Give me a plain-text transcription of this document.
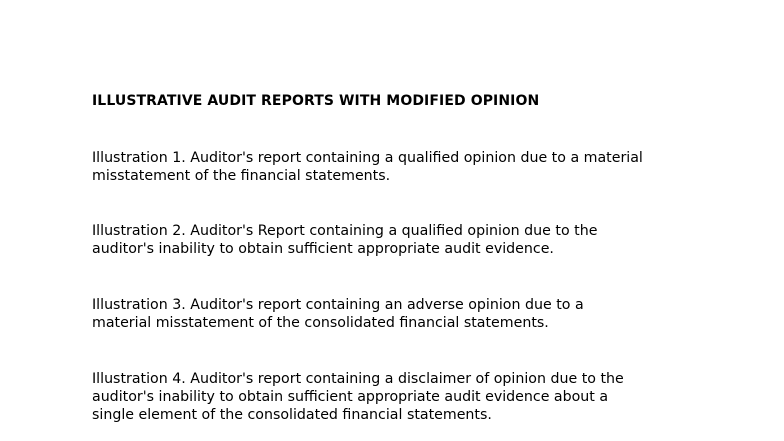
ILLUSTRATIVE AUDIT REPORTS WITH MODIFIED OPINION

Illustration 1. Auditor's report containing a qualified opinion due to a material
misstatement of the financial statements.

Illustration 2. Auditor's Report containing a qualified opinion due to the
auditor's inability to obtain sufficient appropriate audit evidence.

Illustration 3. Auditor's report containing an adverse opinion due to a
material misstatement of the consolidated financial statements.

Illustration 4. Auditor's report containing a disclaimer of opinion due to the
auditor's inability to obtain sufficient appropriate audit evidence about a
single element of the consolidated financial statements.
